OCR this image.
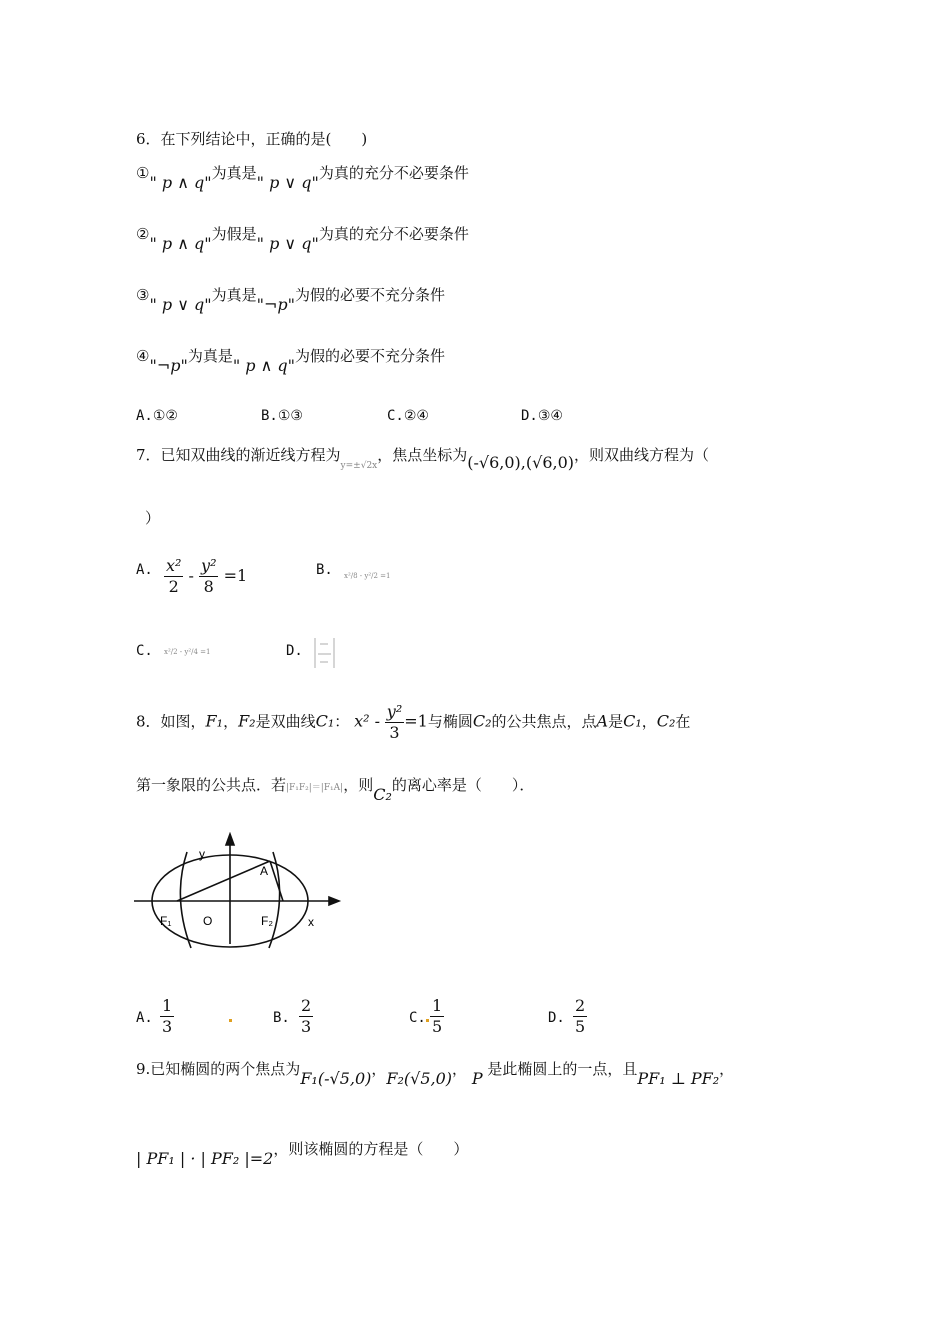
6．在下列结论中，正确的是(　　)
①" p ∧ q"为真是" p ∨ q"为真的充分不必要条件
②" p ∧ q"为假是" p ∨ q"为真的充分不必要条件
③" p ∨ q"为真是"¬p"为假的必要不充分条件
④"¬p"为真是" p ∧ q"为假的必要不充分条件
A.①②	B.①③	C.②④	D.③④
7．已知双曲线的渐近线方程为$_{y=\pm√2x}$，焦点坐标为(-√6,0),(√6,0)，则双曲线方程为（
）
A. $\frac{\text{x²}}{2} - \frac{\text{y²}}{8} =1$	B. x²/8 - y²/2 =1
C. x²/2 - y²/4 =1	D.
8．如图，F₁，F₂是双曲线C₁： $x^2 - \frac{\text{y²}}{3} =1$与椭圆C₂的公共焦点，点A是C₁，C₂在
第一象限的公共点．若|F₁F₂|＝|F₁A|，则C₂的离心率是（　　）．
y
A
F₁	O	F₂	x
A. $\frac{1}{3}$	B. $\frac{2}{3}$	C. $\frac{1}{5}$	D. $\frac{2}{5}$
9.已知椭圆的两个焦点为F₁(-√5,0)，F₂(√5,0)， P 是此椭圆上的一点，且PF₁ ⊥ PF₂，
| PF₁ | · | PF₂ |=2，则该椭圆的方程是（　　）
